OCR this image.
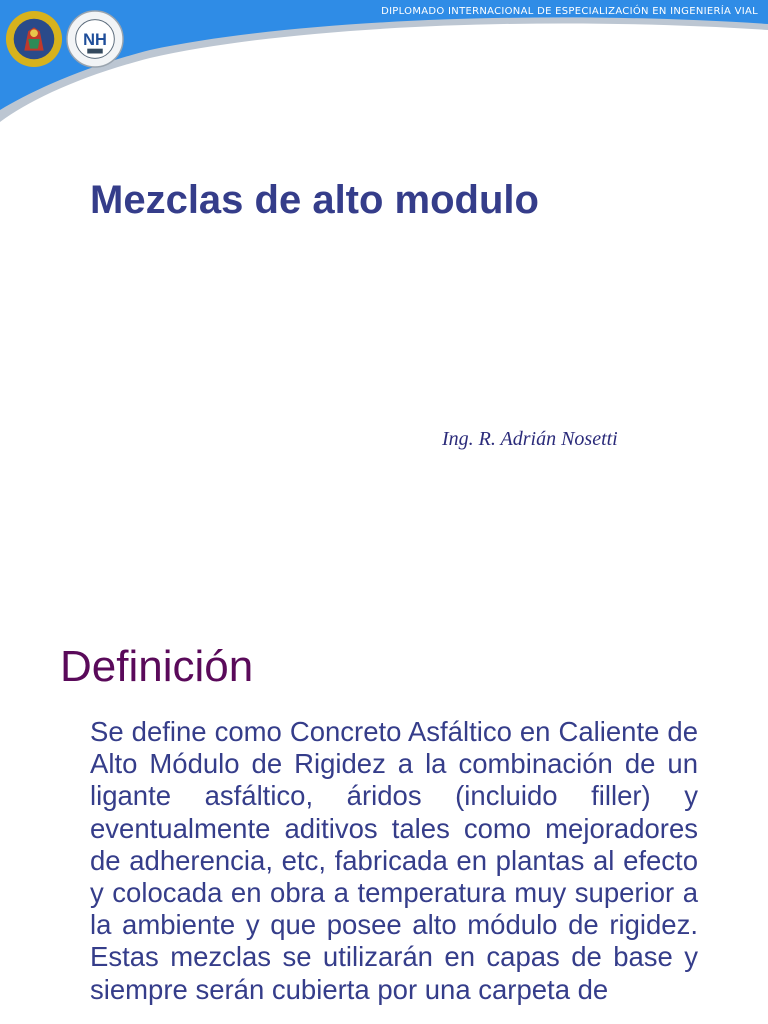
DIPLOMADO INTERNACIONAL DE ESPECIALIZACIÓN EN INGENIERÍA VIAL
NH
Mezclas de alto modulo
Ing. R. Adrián Nosetti
Definición

Se define como Concreto Asfáltico en Caliente de Alto Módulo de Rigidez a la combinación de un ligante asfáltico, áridos (incluido filler) y eventualmente aditivos tales como mejoradores de adherencia, etc, fabricada en plantas al efecto y colocada en obra a temperatura muy superior a la ambiente y que posee alto módulo de rigidez. Estas mezclas se utilizarán en capas de base y siempre serán cubierta por una carpeta de
